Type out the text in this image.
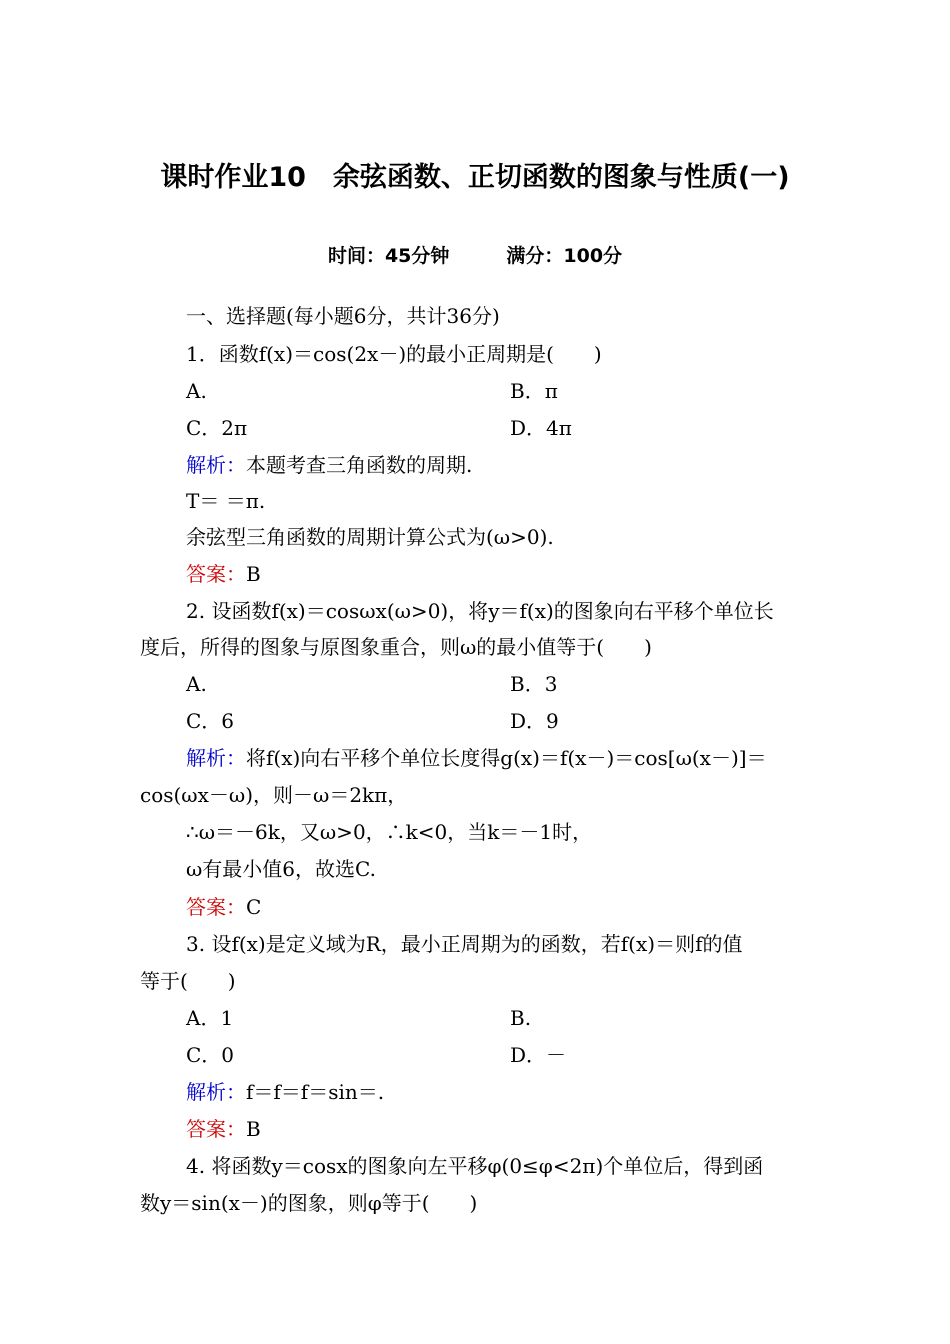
课时作业10　余弦函数、正切函数的图象与性质(一)
时间：45分钟　　　满分：100分
一、选择题(每小题6分，共计36分)
1．函数f(x)＝cos(2x－)的最小正周期是(　　)
A.	B．π
C．2π	D．4π
解析：本题考查三角函数的周期.
T＝ ＝π.
余弦型三角函数的周期计算公式为(ω>0).
答案：B
2. 设函数f(x)＝cosωx(ω>0)，将y＝f(x)的图象向右平移个单位长
度后，所得的图象与原图象重合，则ω的最小值等于(　　)
A.	B．3
C．6	D．9
解析：将f(x)向右平移个单位长度得g(x)＝f(x－)＝cos[ω(x－)]＝
cos(ωx－ω)，则－ω＝2kπ，
∴ω＝－6k，又ω>0，∴k<0，当k＝－1时，
ω有最小值6，故选C.
答案：C
3. 设f(x)是定义域为R，最小正周期为的函数，若f(x)＝则f的值
等于(　　)
A．1	B.
C．0	D．－
解析：f＝f＝f＝sin＝.
答案：B
4. 将函数y＝cosx的图象向左平移φ(0≤φ<2π)个单位后，得到函
数y＝sin(x－)的图象，则φ等于(　　)
